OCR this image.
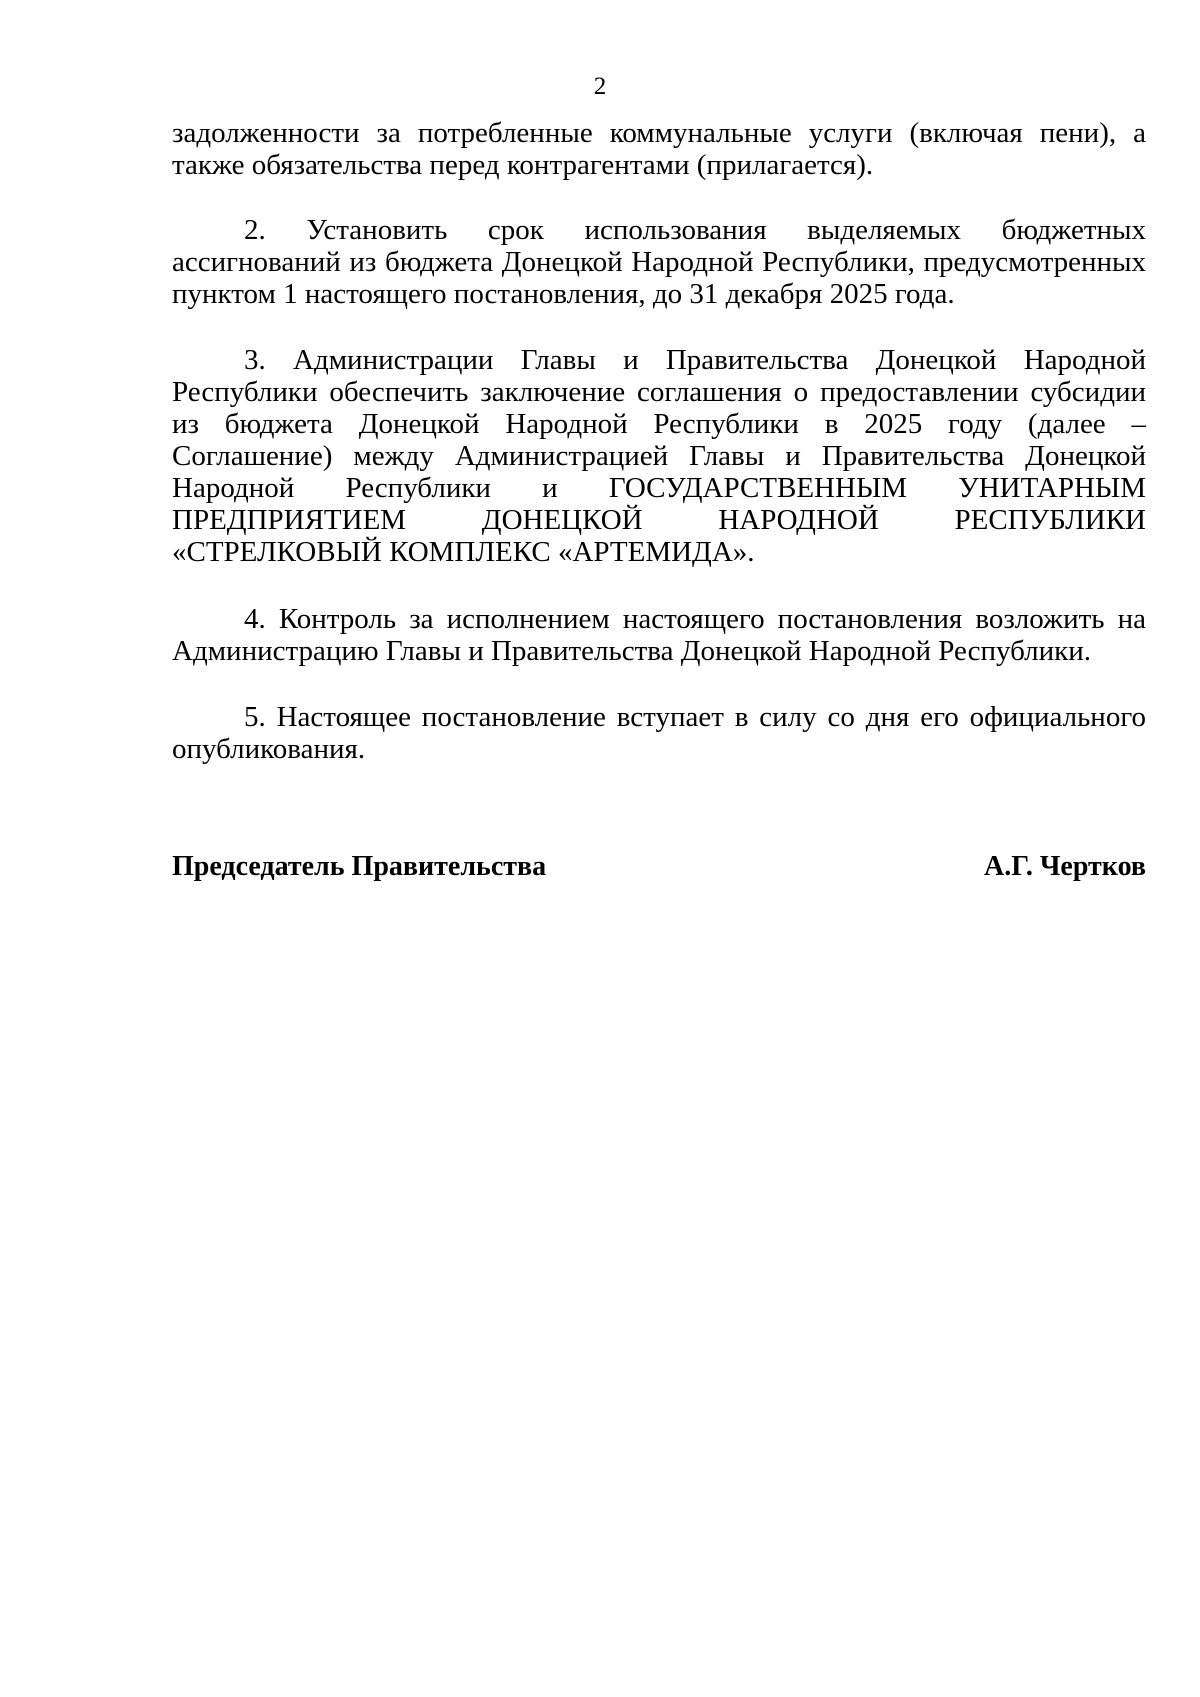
2

задолженности за потребленные коммунальные услуги (включая пени), а также обязательства перед контрагентами (прилагается).

2. Установить срок использования выделяемых бюджетных ассигнований из бюджета Донецкой Народной Республики, предусмотренных пунктом 1 настоящего постановления, до 31 декабря 2025 года.

3. Администрации Главы и Правительства Донецкой Народной Республики обеспечить заключение соглашения о предоставлении субсидии из бюджета Донецкой Народной Республики в 2025 году (далее – Соглашение) между Администрацией Главы и Правительства Донецкой Народной Республики и ГОСУДАРСТВЕННЫМ УНИТАРНЫМ ПРЕДПРИЯТИЕМ ДОНЕЦКОЙ НАРОДНОЙ РЕСПУБЛИКИ «СТРЕЛКОВЫЙ КОМПЛЕКС «АРТЕМИДА».

4. Контроль за исполнением настоящего постановления возложить на Администрацию Главы и Правительства Донецкой Народной Республики.

5. Настоящее постановление вступает в силу со дня его официального опубликования.

Председатель Правительства	А.Г. Чертков
